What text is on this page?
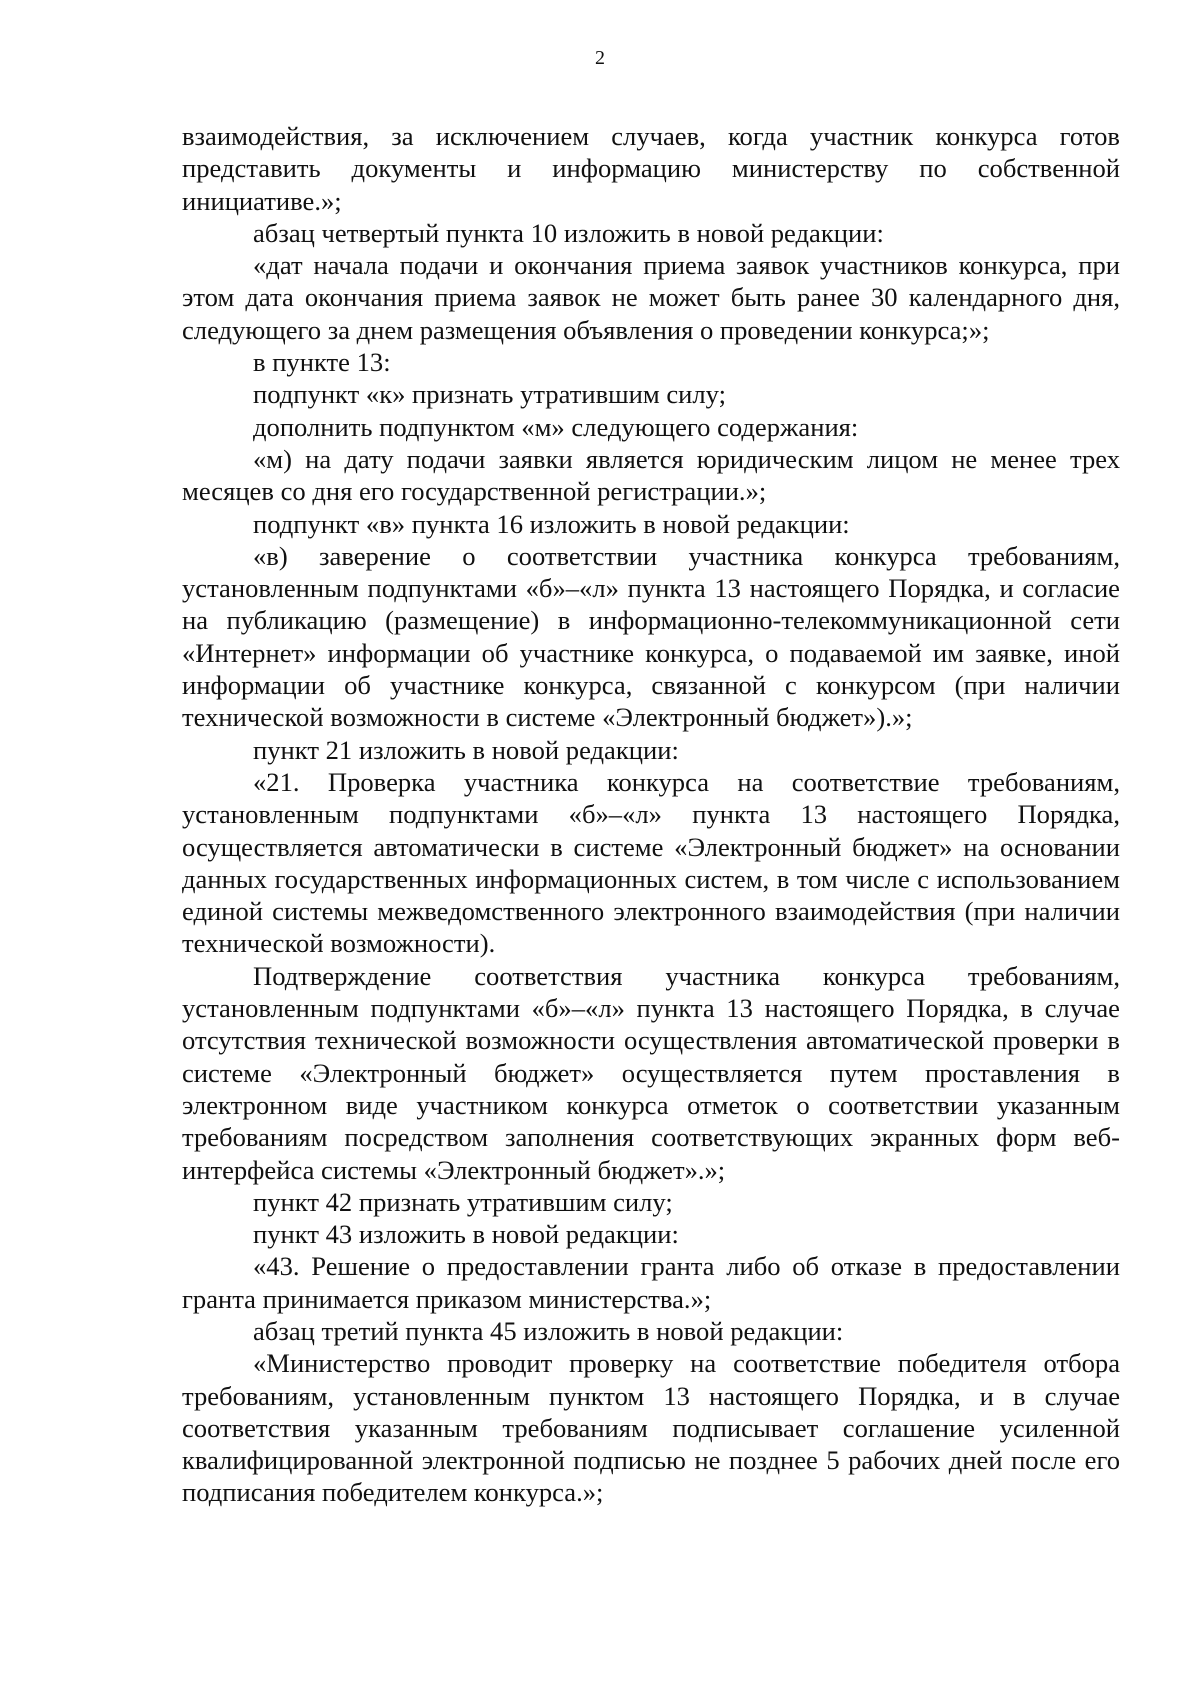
2

взаимодействия, за исключением случаев, когда участник конкурса готов представить документы и информацию министерству по собственной инициативе.»;

абзац четвертый пункта 10 изложить в новой редакции:

«дат начала подачи и окончания приема заявок участников конкурса, при этом дата окончания приема заявок не может быть ранее 30 календарного дня, следующего за днем размещения объявления о проведении конкурса;»;

в пункте 13:

подпункт «к» признать утратившим силу;

дополнить подпунктом «м» следующего содержания:

«м) на дату подачи заявки является юридическим лицом не менее трех месяцев со дня его государственной регистрации.»;

подпункт «в» пункта 16 изложить в новой редакции:

«в) заверение о соответствии участника конкурса требованиям, установленным подпунктами «б»–«л» пункта 13 настоящего Порядка, и согласие на публикацию (размещение) в информационно-телекоммуникационной сети «Интернет» информации об участнике конкурса, о подаваемой им заявке, иной информации об участнике конкурса, связанной с конкурсом (при наличии технической возможности в системе «Электронный бюджет»).»;

пункт 21 изложить в новой редакции:

«21. Проверка участника конкурса на соответствие требованиям, установленным подпунктами «б»–«л» пункта 13 настоящего Порядка, осуществляется автоматически в системе «Электронный бюджет» на основании данных государственных информационных систем, в том числе с использованием единой системы межведомственного электронного взаимодействия (при наличии технической возможности).

Подтверждение соответствия участника конкурса требованиям, установленным подпунктами «б»–«л» пункта 13 настоящего Порядка, в случае отсутствия технической возможности осуществления автоматической проверки в системе «Электронный бюджет» осуществляется путем проставления в электронном виде участником конкурса отметок о соответствии указанным требованиям посредством заполнения соответствующих экранных форм веб-интерфейса системы «Электронный бюджет».»;

пункт 42 признать утратившим силу;

пункт 43 изложить в новой редакции:

«43. Решение о предоставлении гранта либо об отказе в предоставлении гранта принимается приказом министерства.»;

абзац третий пункта 45 изложить в новой редакции:

«Министерство проводит проверку на соответствие победителя отбора требованиям, установленным пунктом 13 настоящего Порядка, и в случае соответствия указанным требованиям подписывает соглашение усиленной квалифицированной электронной подписью не позднее 5 рабочих дней после его подписания победителем конкурса.»;
